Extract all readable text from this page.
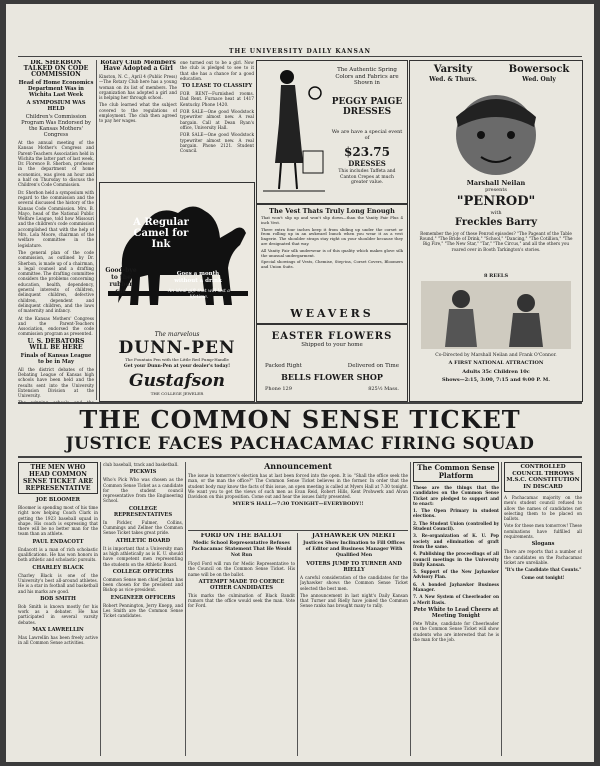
THE UNIVERSITY DAILY KANSAN
DR. SHERBON TALKED ON CODE COMMISSION
Head of Home Economics Department Was in Wichita Last Week
A SYMPOSIUM WAS HELD
Children's Commission Program Was Endorsed by the Kansas Mothers' Congress

At the annual meeting of the Kansas Mother's Congress and Parent-Teachers Association held in Wichita the latter part of last week, Dr. Florence B. Sherbon, professor in the department of home economics, was given an hour and a half on Thursday to discuss the Children's Code Commission.

Dr. Sherbon held a symposium with regard to the commission and the several discussed the history of the Kansas Code Commission. Mrs. B. Mayo, head of the National Public Welfare League, told how Missouri and the children's code commission accomplished that with the help of Mrs. Lola Moore, chairman of the welfare committee in the legislature.

The general plan of the code commission, as outlined by Dr. Sherbon, is made up of a chairman, a legal counsel and a drafting committee. The drafting committee considers the problems concerning education, health, dependency, general interests of children, delinquent children, defective children, dependent and delinquent children, and the laws of maternity and infancy.

At the Kansas Mothers' Congress and the Parent-Teachers Association, endorsed the code commission program as presented.

U. S. DEBATORS WILL BE HERE
Finals of Kansas League to be in May

All the district debates of the Debating League of Kansas high schools have been held and the results sent into the University Extension Division at the University.

Rotary Club Members Have Adopted a Girl

Kinston, N. C., April 4 (Public Press)—The Rotary Club here has a young woman on its list of members. The organization has adopted a girl and is helping her through school.

The club learned what the subject covered to the regulations of employment. The club then agreed to pay her wages.

one turned out to be a girl. Now the club is pledged to see to it that she has a chance for a good education.

TO LEASE TO CLASSIFY

FOR RENT—Furnished rooms. Dad Rent. Furnace heat at 1417 Kentucky. Phone 1420.

FOR SALE—One good Woodstock typewriter almost new. A real bargain. Call at Dean Ryan's office, University Hall.

FOR SALE—One good Woodstock typewriter almost new. A real bargain. Phone 2121. Student Council.

A Regular Camel for Ink
Goes a month without a drink
An ideal gift that will last a lifetime.
Good-bye to the rubber sac
The marvelous
DUNN-PEN
The Fountain Pen with the Little Red Pump-Handle
Get your Dunn-Pen at your dealer's today!
Gustafson
THE COLLEGE JEWELER
The Authentic Spring Colors and Fabrics are Shown in
PEGGY PAIGE DRESSES
We are have a special event of
$23.75
DRESSES
This includes Taffeta and Canton Crepes at much greater value.
The Vest Thats Truly Long Enough

That won't slip up and won't slip down—than the Vanity Fair Plus 4 inch Vest.

There extra four inches keep it from sliding up under the corset or from rolling up in an awkward bunch when you wear it as a vest lingerie. The shoulder straps stay right on your shoulder because they are designated that way.

All Vanity Fair silk underwear is of this quality which makes glove silk the unusual undergarment.

Special showings of Vests, Chemise, Step-ins, Corset Covers, Bloomers and Union Suits.

WEAVERS
EASTER FLOWERS
Shipped to your home
Packed Right	Delivered on Time
BELLS FLOWER SHOP
Phone 129	825½ Mass.
Varsity
Wed. & Thurs.
Bowersock
Wed. Only
Marshall Neilan
presents
"PENROD"
with
Freckles Barry
Remember the joy of these Penrod episodes? "The Pageant of the Table Round," "The Bride of Drink," "School," "Dancing," "The Cotillion," "The Big Fire," "The New Star," "Tar," "The Circus," and all the others you roared over in Booth Tarkington's stories.
8 REELS
Co-Directed by Marshall Neilan and Frank O'Connor.
A FIRST NATIONAL ATTRACTION
Adults 35c Children 10c
Shows—2:15, 3:00, 7:15 and 9:00 P. M.
THE COMMON SENSE TICKET
JUSTICE FACES PACHACAMAC FIRING SQUAD
THE MEN WHO HEAD COMMON SENSE TICKET ARE REPRESENTATIVE
JOE BLOOMER

Bloomer is spending most of his time right now helping Coach Clark in getting the 1923 baseball squad in shape. His coach is expressing that there will be no better man for the team than an athlete.

PAUL ENDACOTT

Endacott is a man of rich scholastic qualifications. He has won honors in both athletic and scholastic pursuits.

CHARLEY BLACK

Charley Black is one of the University's best all-around athletes. He is a star in football and basketball and his marks are good.

BOB SMITH

Bob Smith is known mostly for his work as a debater. He has participated in several varsity debates.

MAX LAWRELLIN

Max Lawrellin has been freely active in all Common Sense activities.

club baseball, track and basketball.

PICKWIS

Who's Pick Who was chosen as the Common Sense Ticket as a candidate for the student council representative from the Engineering School.

COLLEGE REPRESENTATIVES

In Pickler, Fulmer, Collins, Cummings and Zellner the Common Sense Ticket takes great pride.

ATHLETIC BOARD

It is important that a University man as high athletically as is K. U. should have competent men representing the students on the Athletic Board.

COLLEGE OFFICERS

Common Sense men chief Jordan has been chosen for the president and Bishop as vice-president.

ENGINEER OFFICERS

Robert Pennington, Jerry Knepp, and Les Smith are the Common Sense Ticket candidates.

Announcement

The issue in tomorrow's election has at last been forced into the open. It is: "Shall the office seek the man, or the man the office?" The Common Sense Ticket believes in the former. In order that the student body may know the facts of this issue, an open meeting is called at Myers Hall at 7:30 tonight. We want you to get the views of such men as Evan Reid, Robert Hills, Kent Prohwerk and Alvan Davidson on this proposition. Come out and hear the issues fairly presented.

MYER'S HALL—7:30 TONIGHT—EVERYBODY!!
FORD ON THE BALLOT
Medic School Representative Refuses Pachacamac Statement That He Would Not Run

Floyd Ford will run for Medic Representative to the Council on the Common Sense Ticket. His name will be on the ballot.

ATTEMPT MADE TO COERCE OTHER CANDIDATES

This marks the culmination of Black Bandit rumors that the office would seek the man. Vote for Ford.

JAYHAWKER ON MERIT
Justices Show Inclination to Fill Offices of Editor and Business Manager With Qualified Men
VOTERS JUMP TO TURNER AND RIELLY

A careful consideration of the candidates for the Jayhawker shows the Common Sense Ticket selected the best men.

The announcement in last night's Daily Kansan that Turner and Rielly have joined the Common Sense ranks has brought many to rally.

The Common Sense Platform

These are the things that the candidates on the Common Sense Ticket are pledged to support and to enact:

1. The Open Primary in student elections.

2. The Student Union (controlled by Student Council).

3. Re-organization of K. U. Pep society and elimination of graft from the same.

4. Publishing the proceedings of all council meetings in the University Daily Kansan.

5. Support of the New Jayhawker Advisory Plan.

6. A bonded Jayhawker Business Manager.

7. A New System of Cheerleader on a Merit Basis.

Pete White to Lead Cheers at Meeting Tonight

Pete White, candidate for Cheerleader on the Common Sense Ticket will show students who are interested that he is the man for the job.

CONTROLLED COUNCIL THROWS M.S.C. CONSTITUTION IN DISCARD

A Pachacamac majority on the men's student council refused to allow the names of candidates not selecting them to be placed on ballots.

Vote for these men tomorrow! These nominations have fulfilled all requirements.

Slogans

There are reports that a number of the candidates on the Pachacamac ticket are unreliable.

"It's the Candidate that Counts."

Come out tonight!
